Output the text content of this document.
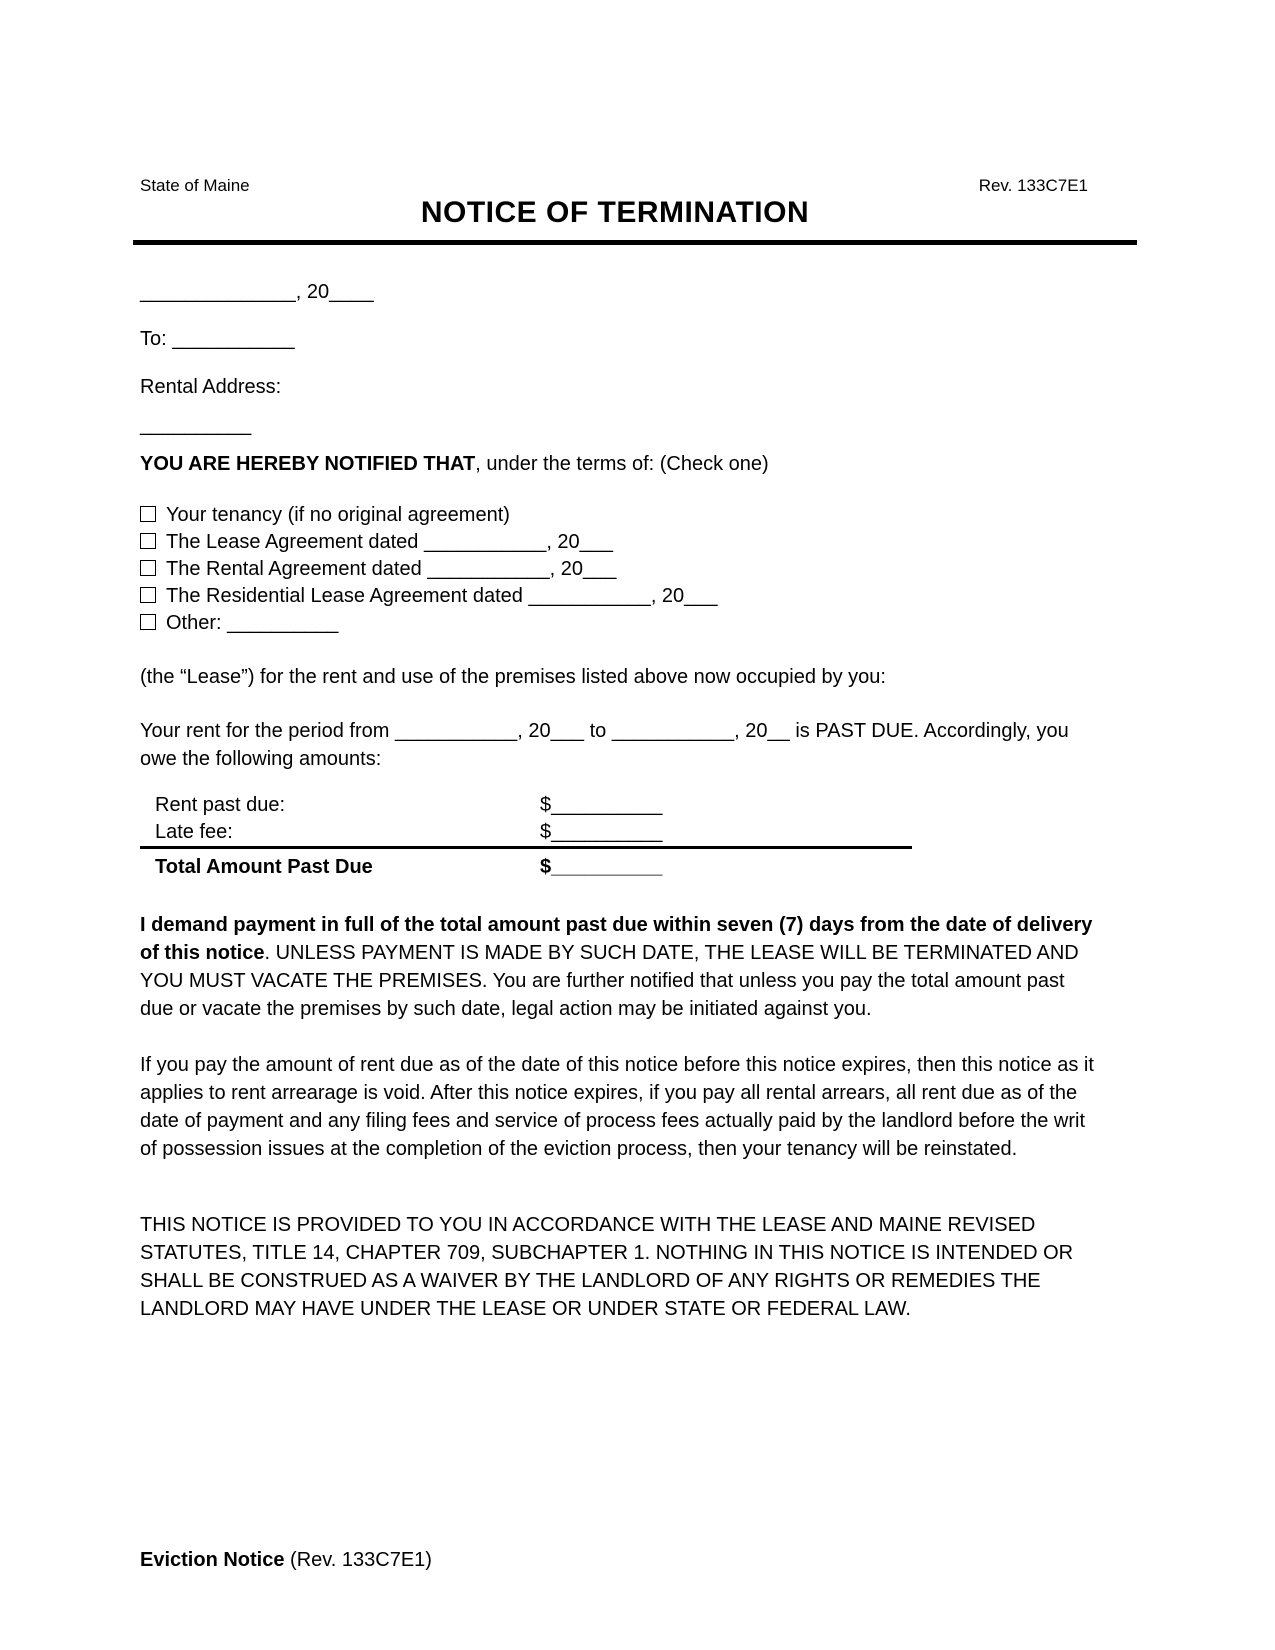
State of Maine	Rev. 133C7E1
NOTICE OF TERMINATION
______________, 20____
To: ___________
Rental Address:
__________
YOU ARE HEREBY NOTIFIED THAT, under the terms of: (Check one)
Your tenancy (if no original agreement)
The Lease Agreement dated ___________, 20___
The Rental Agreement dated ___________, 20___
The Residential Lease Agreement dated ___________, 20___
Other: __________
(the “Lease”) for the rent and use of the premises listed above now occupied by you:
Your rent for the period from ___________, 20___ to ___________, 20__ is PAST DUE. Accordingly, you owe the following amounts:
Rent past due:	$__________
Late fee:	$__________
Total Amount Past Due	$__________
I demand payment in full of the total amount past due within seven (7) days from the date of delivery of this notice. UNLESS PAYMENT IS MADE BY SUCH DATE, THE LEASE WILL BE TERMINATED AND YOU MUST VACATE THE PREMISES. You are further notified that unless you pay the total amount past due or vacate the premises by such date, legal action may be initiated against you.
If you pay the amount of rent due as of the date of this notice before this notice expires, then this notice as it applies to rent arrearage is void. After this notice expires, if you pay all rental arrears, all rent due as of the date of payment and any filing fees and service of process fees actually paid by the landlord before the writ of possession issues at the completion of the eviction process, then your tenancy will be reinstated.
THIS NOTICE IS PROVIDED TO YOU IN ACCORDANCE WITH THE LEASE AND MAINE REVISED STATUTES, TITLE 14, CHAPTER 709, SUBCHAPTER 1. NOTHING IN THIS NOTICE IS INTENDED OR SHALL BE CONSTRUED AS A WAIVER BY THE LANDLORD OF ANY RIGHTS OR REMEDIES THE LANDLORD MAY HAVE UNDER THE LEASE OR UNDER STATE OR FEDERAL LAW.
Eviction Notice (Rev. 133C7E1)
